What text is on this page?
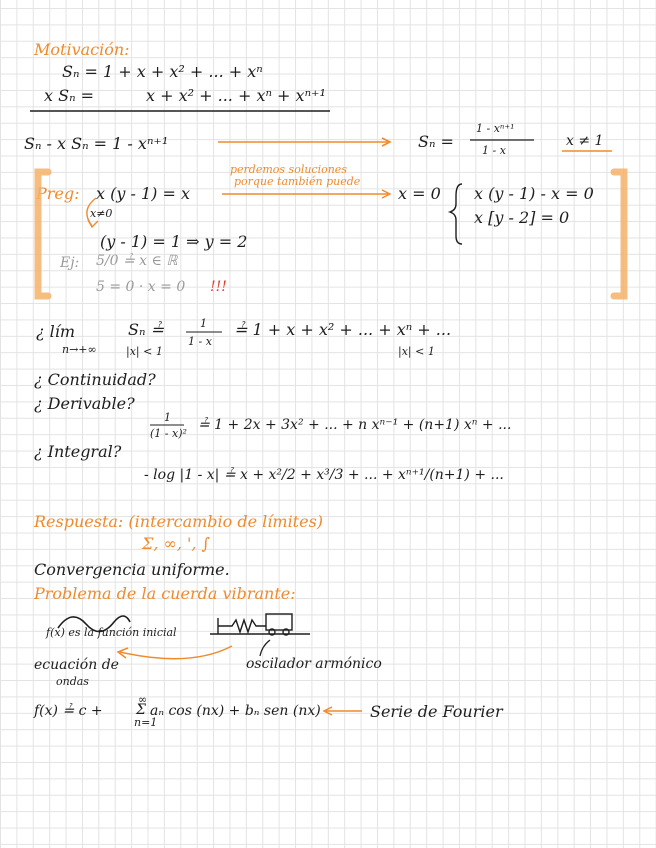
Motivación:
Sₙ = 1 + x + x² + ... + xⁿ
x Sₙ =	x + x² + ... + xⁿ + xⁿ⁺¹
Sₙ - x Sₙ = 1 - xⁿ⁺¹	Sₙ =
1 - xⁿ⁺¹
1 - x
x ≠ 1
Preg: x (y - 1) = x
x≠0
perdemos soluciones
porque también puede
x = 0 x (y - 1) - x = 0
x [y - 2] = 0
(y - 1) = 1 ⇒ y = 2
Ej: 5/0 ≟ x ∈ ℝ
5 = 0 · x = 0 !!!
¿ lím
n→+∞
Sₙ ≟	1
1 - x
≟ 1 + x + x² + ... + xⁿ + ...
|x| < 1	|x| < 1
¿ Continuidad?
¿ Derivable?
1
(1 - x)²
≟ 1 + 2x + 3x² + ... + n xⁿ⁻¹ + (n+1) xⁿ + ...
¿ Integral?
- log |1 - x| ≟ x + x²/2 + x³/3 + ... + xⁿ⁺¹/(n+1) + ...
Respuesta: (intercambio de límites)
Σ, ∞, ', ∫
Convergencia uniforme.
Problema de la cuerda vibrante:
f(x) es la función inicial
ecuación de
ondas
oscilador armónico
f(x) ≟ c +
∞
Σ
n=1
aₙ cos (nx) + bₙ sen (nx)	Serie de Fourier
